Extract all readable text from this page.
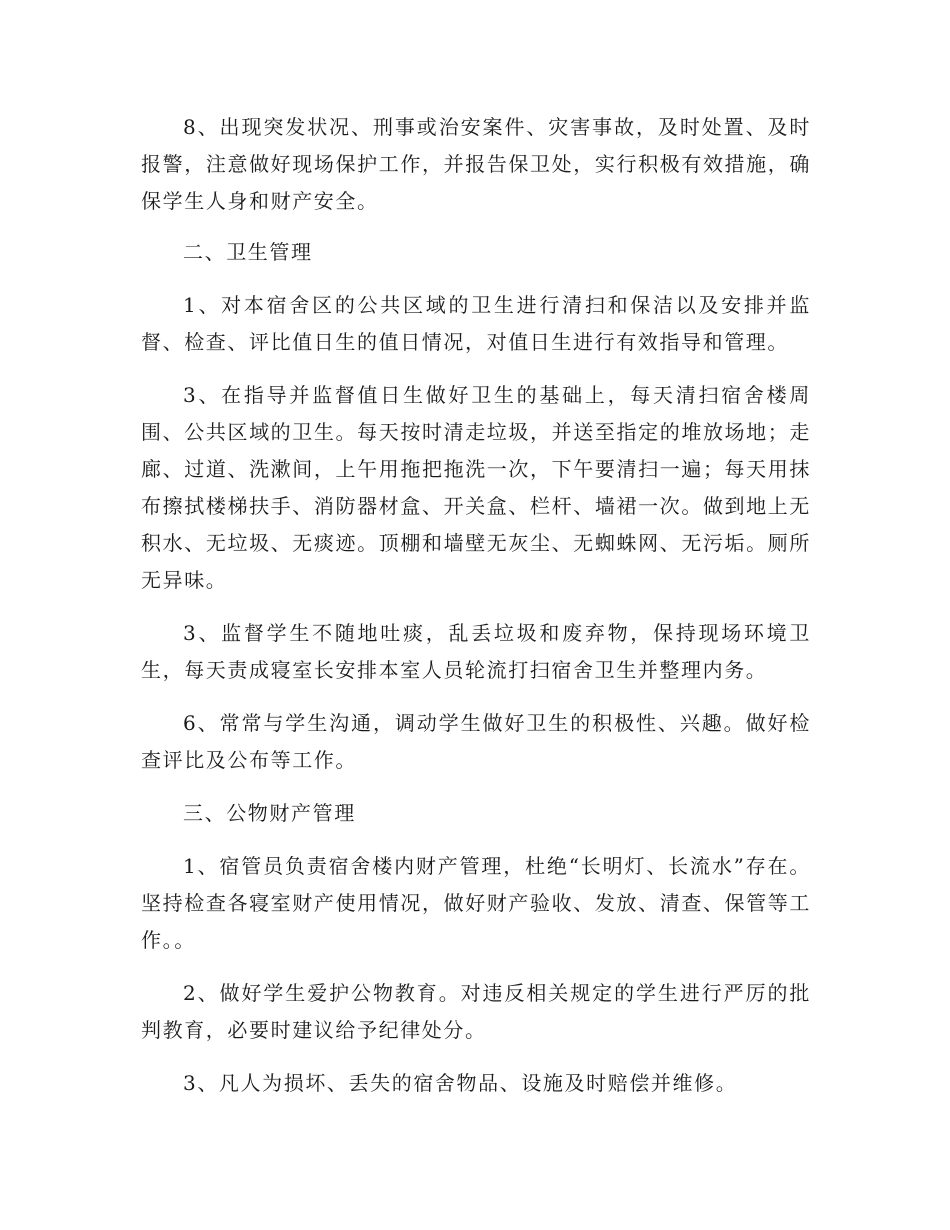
8、出现突发状况、刑事或治安案件、灾害事故，及时处置、及时报警，注意做好现场保护工作，并报告保卫处，实行积极有效措施，确保学生人身和财产安全。

二、卫生管理

1、对本宿舍区的公共区域的卫生进行清扫和保洁以及安排并监督、检查、评比值日生的值日情况，对值日生进行有效指导和管理。

3、在指导并监督值日生做好卫生的基础上，每天清扫宿舍楼周围、公共区域的卫生。每天按时清走垃圾，并送至指定的堆放场地；走廊、过道、洗漱间，上午用拖把拖洗一次，下午要清扫一遍；每天用抹布擦拭楼梯扶手、消防器材盒、开关盒、栏杆、墙裙一次。做到地上无积水、无垃圾、无痰迹。顶棚和墙壁无灰尘、无蜘蛛网、无污垢。厕所无异味。

3、监督学生不随地吐痰，乱丢垃圾和废弃物，保持现场环境卫生，每天责成寝室长安排本室人员轮流打扫宿舍卫生并整理内务。

6、常常与学生沟通，调动学生做好卫生的积极性、兴趣。做好检查评比及公布等工作。

三、公物财产管理

1、宿管员负责宿舍楼内财产管理，杜绝“长明灯、长流水”存在。坚持检查各寝室财产使用情况，做好财产验收、发放、清查、保管等工作。。

2、做好学生爱护公物教育。对违反相关规定的学生进行严厉的批判教育，必要时建议给予纪律处分。

3、凡人为损坏、丢失的宿舍物品、设施及时赔偿并维修。
